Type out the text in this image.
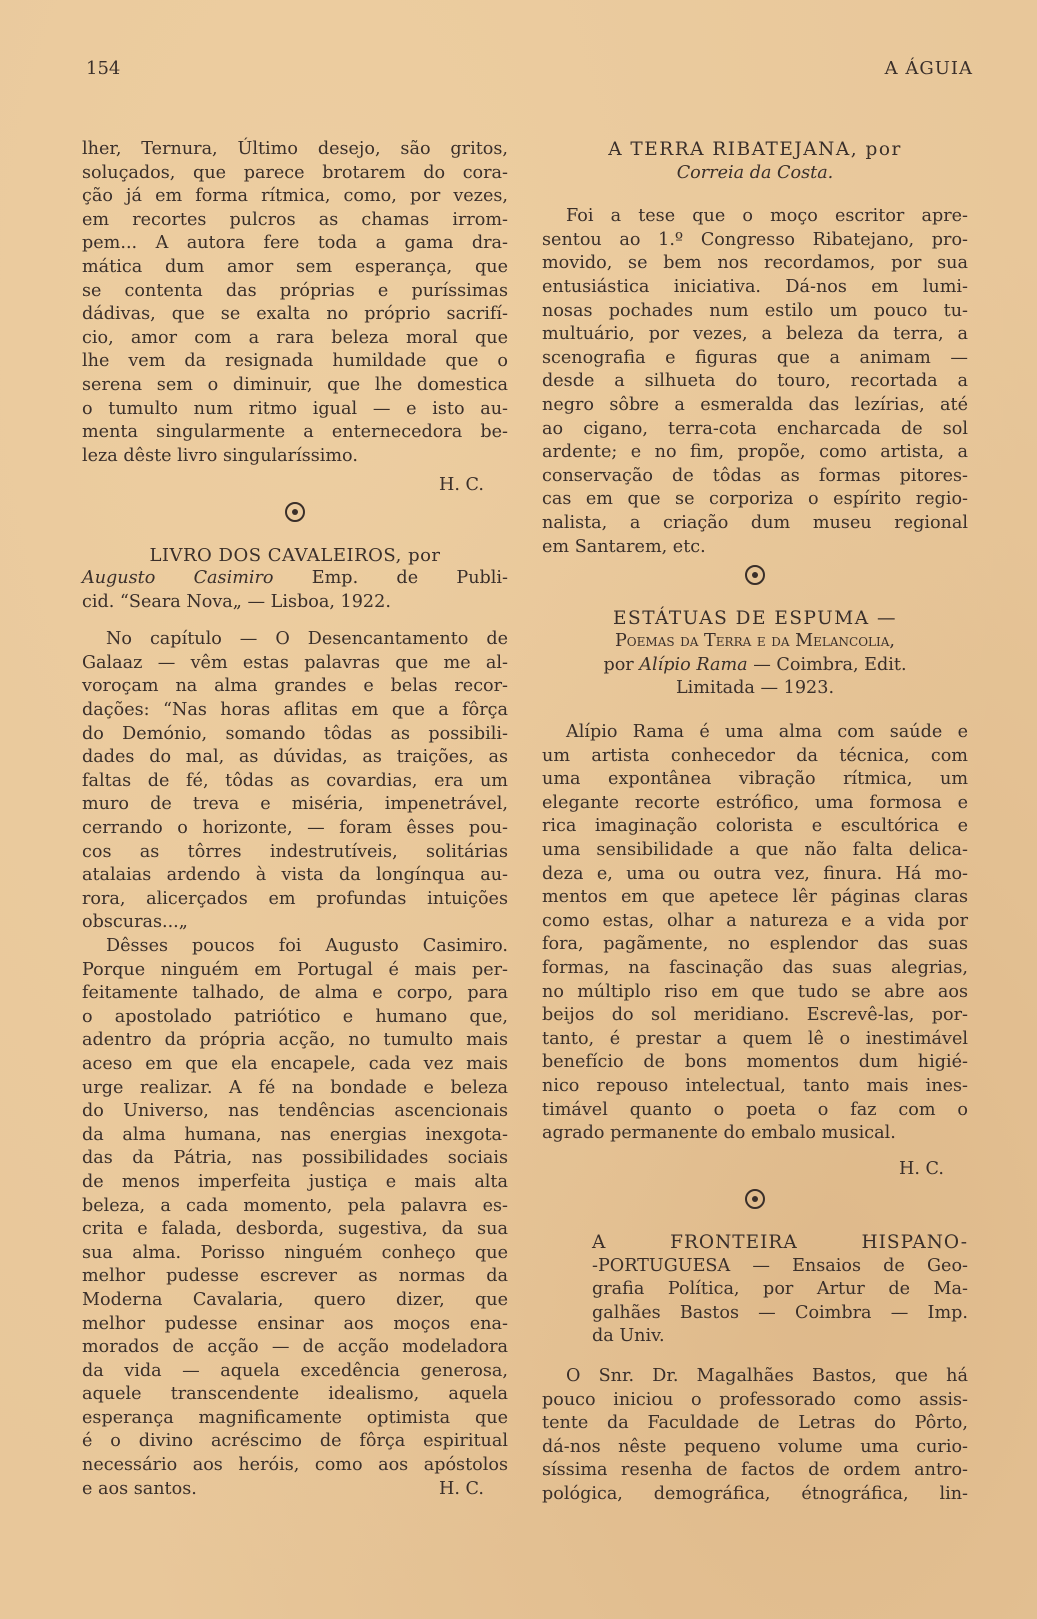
154	A ÁGUIA
lher, Ternura, Último desejo, são gritos,
soluçados, que parece brotarem do cora-
ção já em forma rítmica, como, por vezes,
em recortes pulcros as chamas irrom-
pem... A autora fere toda a gama dra-
mática dum amor sem esperança, que
se contenta das próprias e puríssimas
dádivas, que se exalta no próprio sacrifí-
cio, amor com a rara beleza moral que
lhe vem da resignada humildade que o
serena sem o diminuir, que lhe domestica
o tumulto num ritmo igual — e isto au-
menta singularmente a enternecedora be-
leza dêste livro singularíssimo.
H. C.
LIVRO DOS CAVALEIROS, por
Augusto Casimiro Emp. de Publi-
cid. “Seara Nova„ — Lisboa, 1922.
No capítulo — O Desencantamento de
Galaaz — vêm estas palavras que me al-
voroçam na alma grandes e belas recor-
dações: “Nas horas aflitas em que a fôrça
do Demónio, somando tôdas as possibili-
dades do mal, as dúvidas, as traições, as
faltas de fé, tôdas as covardias, era um
muro de treva e miséria, impenetrável,
cerrando o horizonte, — foram êsses pou-
cos as tôrres indestrutíveis, solitárias
atalaias ardendo à vista da longínqua au-
rora, alicerçados em profundas intuições
obscuras...„
Dêsses poucos foi Augusto Casimiro.
Porque ninguém em Portugal é mais per-
feitamente talhado, de alma e corpo, para
o apostolado patriótico e humano que,
adentro da própria acção, no tumulto mais
aceso em que ela encapele, cada vez mais
urge realizar. A fé na bondade e beleza
do Universo, nas tendências ascencionais
da alma humana, nas energias inexgota-
das da Pátria, nas possibilidades sociais
de menos imperfeita justiça e mais alta
beleza, a cada momento, pela palavra es-
crita e falada, desborda, sugestiva, da sua
sua alma. Porisso ninguém conheço que
melhor pudesse escrever as normas da
Moderna Cavalaria, quero dizer, que
melhor pudesse ensinar aos moços ena-
morados de acção — de acção modeladora
da vida — aquela excedência generosa,
aquele transcendente idealismo, aquela
esperança magnificamente optimista que
é o divino acréscimo de fôrça espiritual
necessário aos heróis, como aos apóstolos
e aos santos.	H. C.
A TERRA RIBATEJANA, por
Correia da Costa.
Foi a tese que o moço escritor apre-
sentou ao 1.º Congresso Ribatejano, pro-
movido, se bem nos recordamos, por sua
entusiástica iniciativa. Dá-nos em lumi-
nosas pochades num estilo um pouco tu-
multuário, por vezes, a beleza da terra, a
scenografia e figuras que a animam —
desde a silhueta do touro, recortada a
negro sôbre a esmeralda das lezírias, até
ao cigano, terra-cota encharcada de sol
ardente; e no fim, propõe, como artista, a
conservação de tôdas as formas pitores-
cas em que se corporiza o espírito regio-
nalista, a criação dum museu regional
em Santarem, etc.
ESTÁTUAS DE ESPUMA —
Poemas da Terra e da Melancolia,
por Alípio Rama — Coimbra, Edit.
Limitada — 1923.
Alípio Rama é uma alma com saúde e
um artista conhecedor da técnica, com
uma expontânea vibração rítmica, um
elegante recorte estrófico, uma formosa e
rica imaginação colorista e escultórica e
uma sensibilidade a que não falta delica-
deza e, uma ou outra vez, finura. Há mo-
mentos em que apetece lêr páginas claras
como estas, olhar a natureza e a vida por
fora, pagãmente, no esplendor das suas
formas, na fascinação das suas alegrias,
no múltiplo riso em que tudo se abre aos
beijos do sol meridiano. Escrevê-las, por-
tanto, é prestar a quem lê o inestimável
benefício de bons momentos dum higié-
nico repouso intelectual, tanto mais ines-
timável quanto o poeta o faz com o
agrado permanente do embalo musical.
H. C.
A FRONTEIRA HISPANO-
-PORTUGUESA — Ensaios de Geo-
grafia Política, por Artur de Ma-
galhães Bastos — Coimbra — Imp.
da Univ.
O Snr. Dr. Magalhães Bastos, que há
pouco iniciou o professorado como assis-
tente da Faculdade de Letras do Pôrto,
dá-nos nêste pequeno volume uma curio-
síssima resenha de factos de ordem antro-
pológica, demográfica, étnográfica, lin-
